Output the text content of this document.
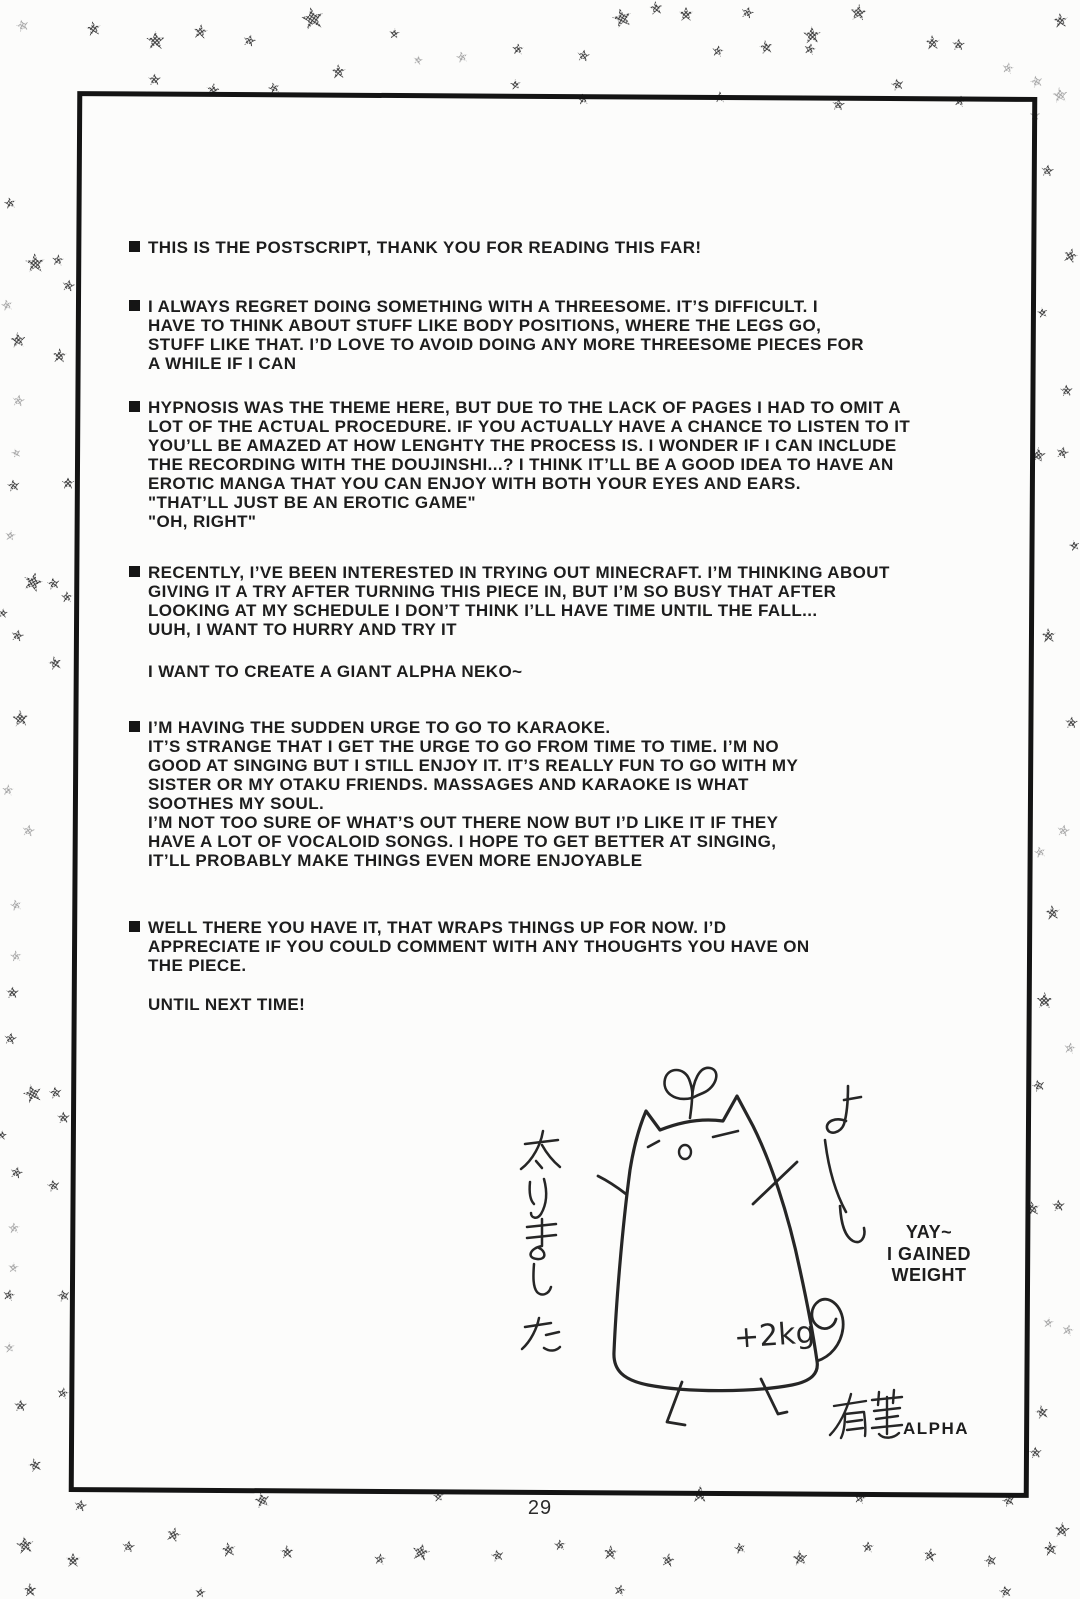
THIS IS THE POSTSCRIPT, THANK YOU FOR READING THIS FAR!
I ALWAYS REGRET DOING SOMETHING WITH A THREESOME. IT’S DIFFICULT. I
HAVE TO THINK ABOUT STUFF LIKE BODY POSITIONS, WHERE THE LEGS GO,
STUFF LIKE THAT. I’D LOVE TO AVOID DOING ANY MORE THREESOME PIECES FOR
A WHILE IF I CAN
HYPNOSIS WAS THE THEME HERE, BUT DUE TO THE LACK OF PAGES I HAD TO OMIT A
LOT OF THE ACTUAL PROCEDURE. IF YOU ACTUALLY HAVE A CHANCE TO LISTEN TO IT
YOU’LL BE AMAZED AT HOW LENGHTY THE PROCESS IS. I WONDER IF I CAN INCLUDE
THE RECORDING WITH THE DOUJINSHI...? I THINK IT’LL BE A GOOD IDEA TO HAVE AN
EROTIC MANGA THAT YOU CAN ENJOY WITH BOTH YOUR EYES AND EARS.
"THAT’LL JUST BE AN EROTIC GAME"
"OH, RIGHT"
RECENTLY, I’VE BEEN INTERESTED IN TRYING OUT MINECRAFT. I’M THINKING ABOUT
GIVING IT A TRY AFTER TURNING THIS PIECE IN, BUT I’M SO BUSY THAT AFTER
LOOKING AT MY SCHEDULE I DON’T THINK I’LL HAVE TIME UNTIL THE FALL...
UUH, I WANT TO HURRY AND TRY IT
I WANT TO CREATE A GIANT ALPHA NEKO~
I’M HAVING THE SUDDEN URGE TO GO TO KARAOKE.
IT’S STRANGE THAT I GET THE URGE TO GO FROM TIME TO TIME. I’M NO
GOOD AT SINGING BUT I STILL ENJOY IT. IT’S REALLY FUN TO GO WITH MY
SISTER OR MY OTAKU FRIENDS. MASSAGES AND KARAOKE IS WHAT
SOOTHES MY SOUL.
I’M NOT TOO SURE OF WHAT’S OUT THERE NOW BUT I’D LIKE IT IF THEY
HAVE A LOT OF VOCALOID SONGS. I HOPE TO GET BETTER AT SINGING,
IT’LL PROBABLY MAKE THINGS EVEN MORE ENJOYABLE
WELL THERE YOU HAVE IT, THAT WRAPS THINGS UP FOR NOW. I’D
APPRECIATE IF YOU COULD COMMENT WITH ANY THOUGHTS YOU HAVE ON
THE PIECE.
UNTIL NEXT TIME!
+2kg
YAY~
I GAINED
WEIGHT
ALPHA
29
